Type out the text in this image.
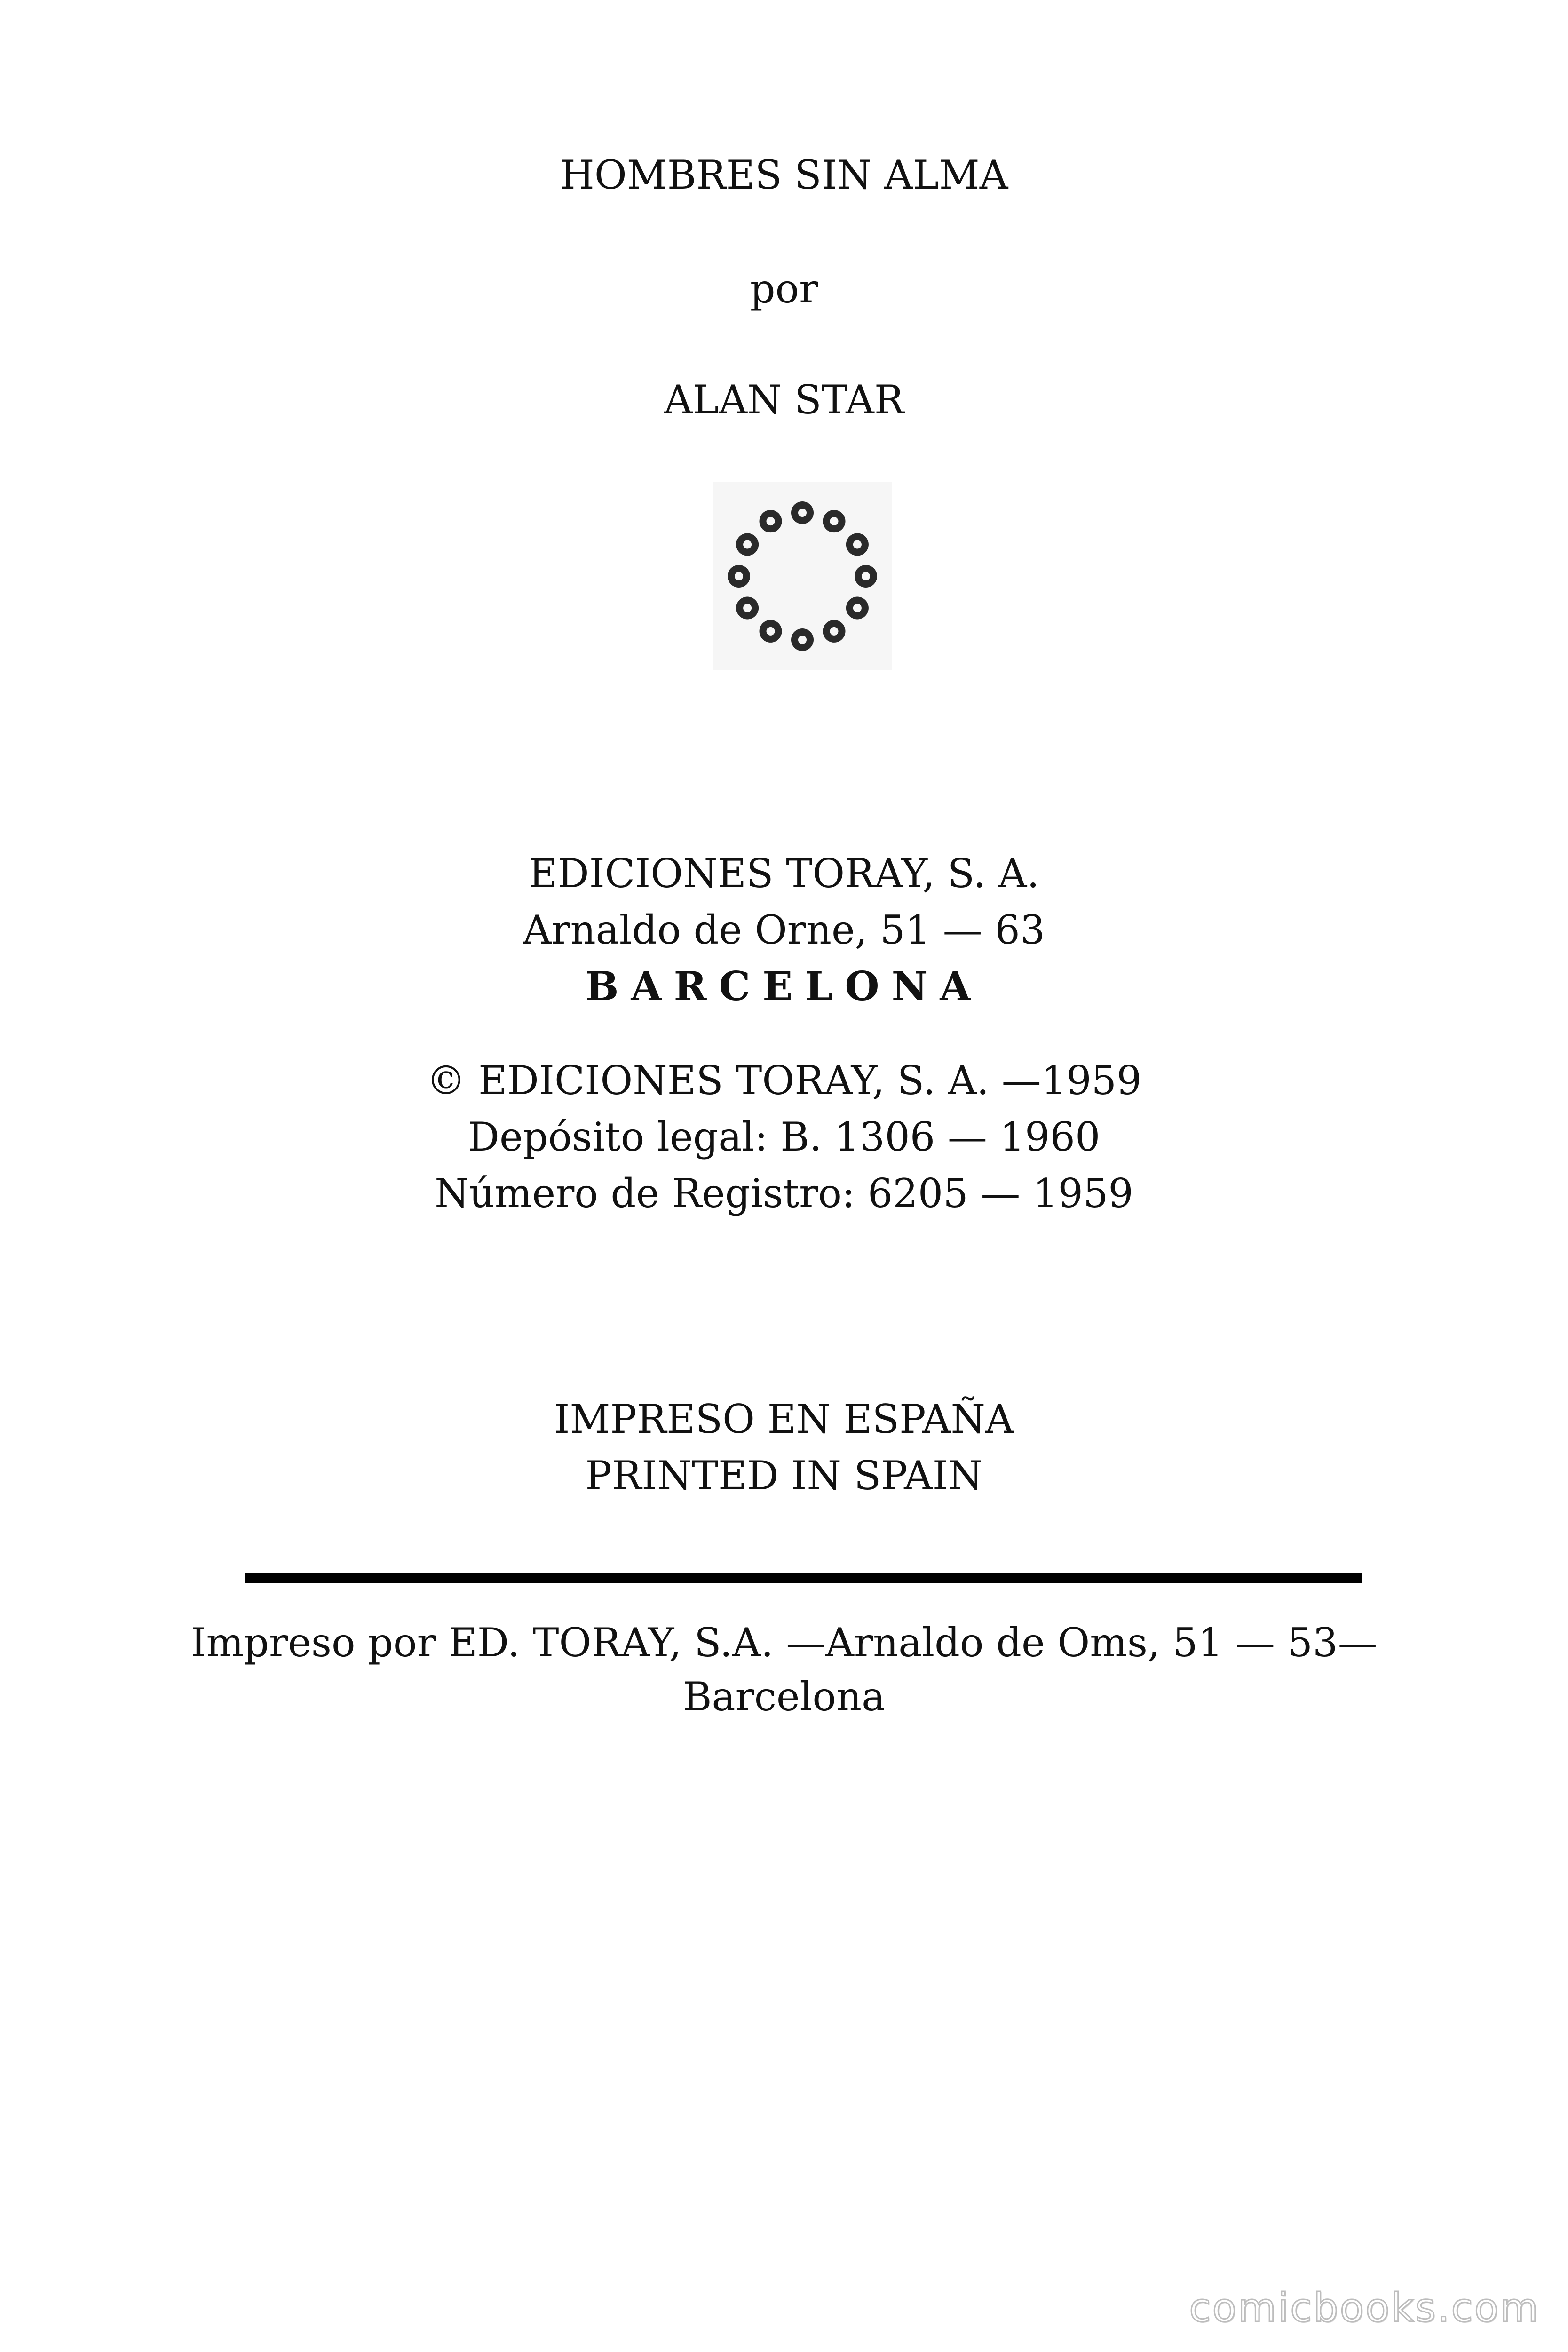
HOMBRES SIN ALMA
por
ALAN STAR
EDICIONES TORAY, S. A.
Arnaldo de Orne, 51 — 63
BARCELONA
© EDICIONES TORAY, S. A. —1959
Depósito legal: B. 1306 — 1960
Número de Registro: 6205 — 1959
IMPRESO EN ESPAÑA
PRINTED IN SPAIN
Impreso por ED. TORAY, S.A. —Arnaldo de Oms, 51 — 53—
Barcelona
comicbooks.com
